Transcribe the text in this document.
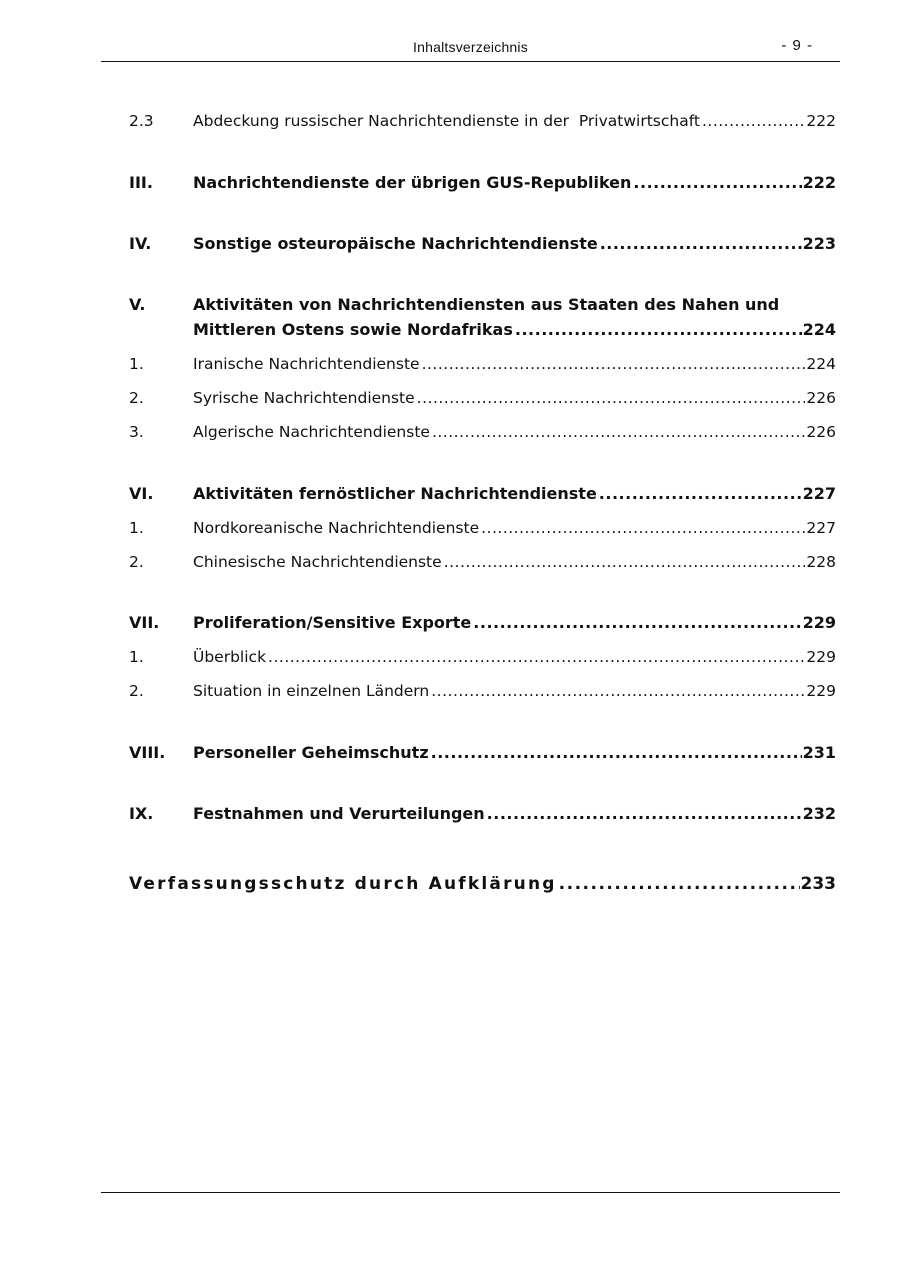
Inhaltsverzeichnis	- 9 -
2.3	Abdeckung russischer Nachrichtendienste in der  Privatwirtschaft .....	222
III.	Nachrichtendienste der übrigen GUS-Republiken .....	222
IV.	Sonstige osteuropäische Nachrichtendienste .....	223
V.	Aktivitäten von Nachrichtendiensten aus Staaten des Nahen und
Mittleren Ostens sowie Nordafrikas .....	224
1.	Iranische Nachrichtendienste .....	224
2.	Syrische Nachrichtendienste .....	226
3.	Algerische Nachrichtendienste .....	226
VI. Aktivitäten fernöstlicher Nachrichtendienste .....	227
1.	Nordkoreanische Nachrichtendienste .....	227
2.	Chinesische Nachrichtendienste .....	228
VII. Proliferation/Sensitive Exporte .....	229
1.	Überblick .....	229
2.	Situation in einzelnen Ländern .....	229
VIII. Personeller Geheimschutz .....	231
IX. Festnahmen und Verurteilungen .....	232
Verfassungsschutz durch Aufklärung .....	233
